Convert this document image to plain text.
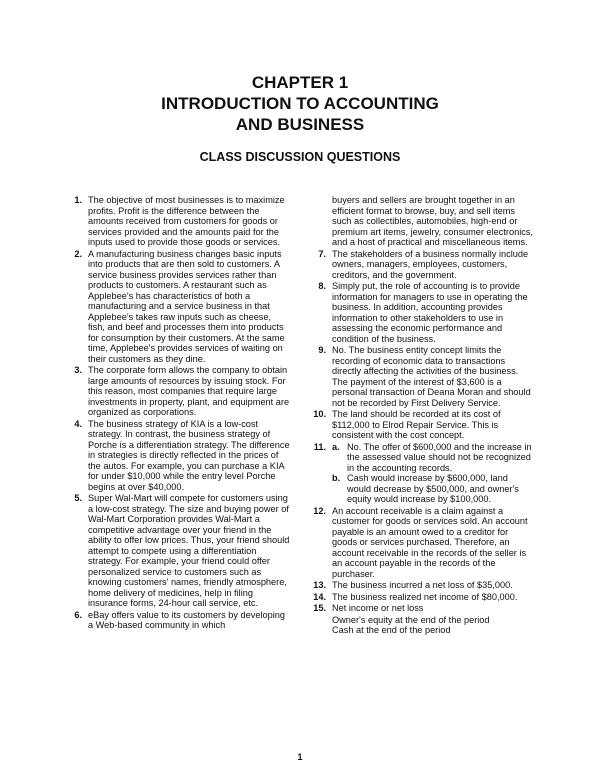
CHAPTER 1
INTRODUCTION TO ACCOUNTING
AND BUSINESS
CLASS DISCUSSION QUESTIONS
1. The objective of most businesses is to maximize profits. Profit is the difference between the amounts received from customers for goods or services provided and the amounts paid for the inputs used to provide those goods or services.
2. A manufacturing business changes basic inputs into products that are then sold to customers. A service business provides services rather than products to customers. A restaurant such as Applebee's has characteristics of both a manufacturing and a service business in that Applebee's takes raw inputs such as cheese, fish, and beef and processes them into products for consumption by their customers. At the same time, Applebee's provides services of waiting on their customers as they dine.
3. The corporate form allows the company to obtain large amounts of resources by issuing stock. For this reason, most companies that require large investments in property, plant, and equipment are organized as corporations.
4. The business strategy of KIA is a low-cost strategy. In contrast, the business strategy of Porche is a differentiation strategy. The difference in strategies is directly reflected in the prices of the autos. For example, you can purchase a KIA for under $10,000 while the entry level Porche begins at over $40,000.
5. Super Wal-Mart will compete for customers using a low-cost strategy. The size and buying power of Wal-Mart Corporation provides Wal-Mart a competitive advantage over your friend in the ability to offer low prices. Thus, your friend should attempt to compete using a differentiation strategy. For example, your friend could offer personalized service to customers such as knowing customers' names, friendly atmosphere, home delivery of medicines, help in filing insurance forms, 24-hour call service, etc.
6. eBay offers value to its customers by developing a Web-based community in which
buyers and sellers are brought together in an efficient format to browse, buy, and sell items such as collectibles, automobiles, high-end or premium art items, jewelry, consumer electronics, and a host of practical and miscellaneous items.
7. The stakeholders of a business normally include owners, managers, employees, customers, creditors, and the government.
8. Simply put, the role of accounting is to provide information for managers to use in operating the business. In addition, accounting provides information to other stakeholders to use in assessing the economic performance and condition of the business.
9. No. The business entity concept limits the recording of economic data to transactions directly affecting the activities of the business. The payment of the interest of $3,600 is a personal transaction of Deana Moran and should not be recorded by First Delivery Service.
10. The land should be recorded at its cost of $112,000 to Elrod Repair Service. This is consistent with the cost concept.
11. a. No. The offer of $600,000 and the increase in the assessed value should not be recognized in the accounting records.
b. Cash would increase by $600,000, land would decrease by $500,000, and owner's equity would increase by $100,000.
12. An account receivable is a claim against a customer for goods or services sold. An account payable is an amount owed to a creditor for goods or services purchased. Therefore, an account receivable in the records of the seller is an account payable in the records of the purchaser.
13. The business incurred a net loss of $35,000.
14. The business realized net income of $80,000.
15. Net income or net loss
Owner's equity at the end of the period
Cash at the end of the period
1
